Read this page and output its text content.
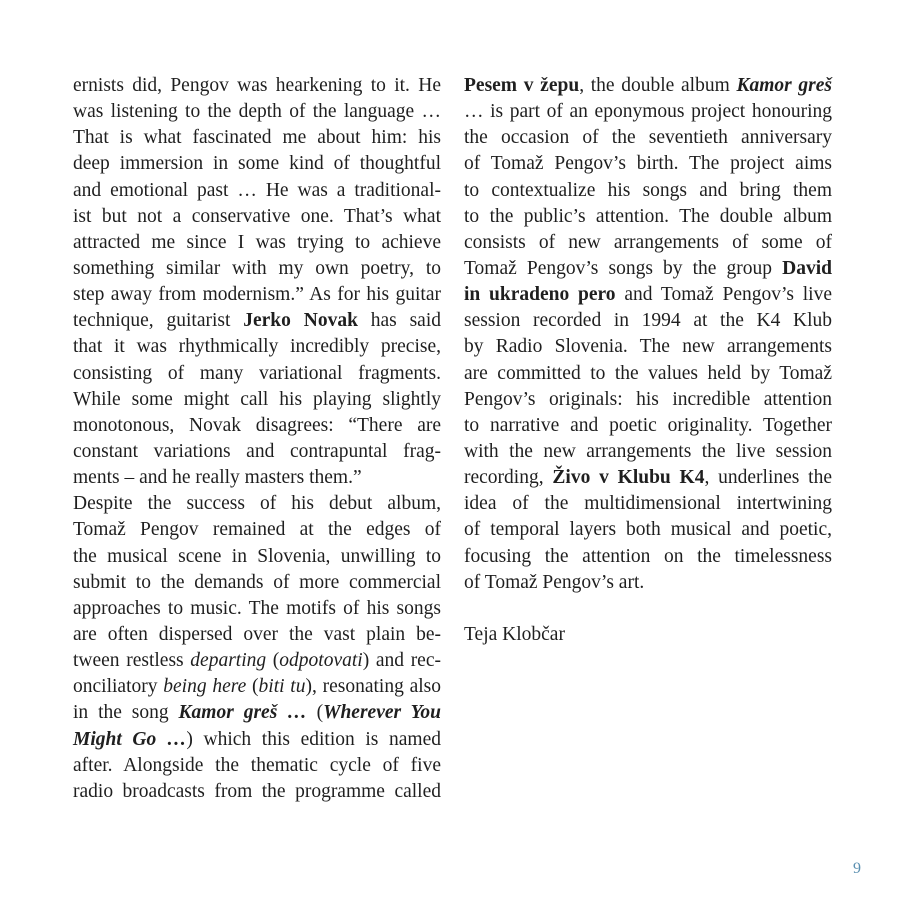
ernists did, Pengov was hearkening to it. He
was listening to the depth of the language …
That is what fascinated me about him: his
deep immersion in some kind of thoughtful
and emotional past … He was a traditional-
ist but not a conservative one. That’s what
attracted me since I was trying to achieve
something similar with my own poetry, to
step away from modernism.” As for his guitar
technique, guitarist Jerko Novak has said
that it was rhythmically incredibly precise,
consisting of many variational fragments.
While some might call his playing slightly
monotonous, Novak disagrees: “There are
constant variations and contrapuntal frag-
ments – and he really masters them.”
Despite the success of his debut album,
Tomaž Pengov remained at the edges of
the musical scene in Slovenia, unwilling to
submit to the demands of more commercial
approaches to music. The motifs of his songs
are often dispersed over the vast plain be-
tween restless departing (odpotovati) and rec-
onciliatory being here (biti tu), resonating also
in the song Kamor greš … (Wherever You
Might Go …) which this edition is named
after. Alongside the thematic cycle of five
radio broadcasts from the programme called
Pesem v žepu, the double album Kamor greš
… is part of an eponymous project honouring
the occasion of the seventieth anniversary
of Tomaž Pengov’s birth. The project aims
to contextualize his songs and bring them
to the public’s attention. The double album
consists of new arrangements of some of
Tomaž Pengov’s songs by the group David
in ukradeno pero and Tomaž Pengov’s live
session recorded in 1994 at the K4 Klub
by Radio Slovenia. The new arrangements
are committed to the values held by Tomaž
Pengov’s originals: his incredible attention
to narrative and poetic originality. Together
with the new arrangements the live session
recording, Živo v Klubu K4, underlines the
idea of the multidimensional intertwining
of temporal layers both musical and poetic,
focusing the attention on the timelessness
of Tomaž Pengov’s art.

Teja Klobčar
9
